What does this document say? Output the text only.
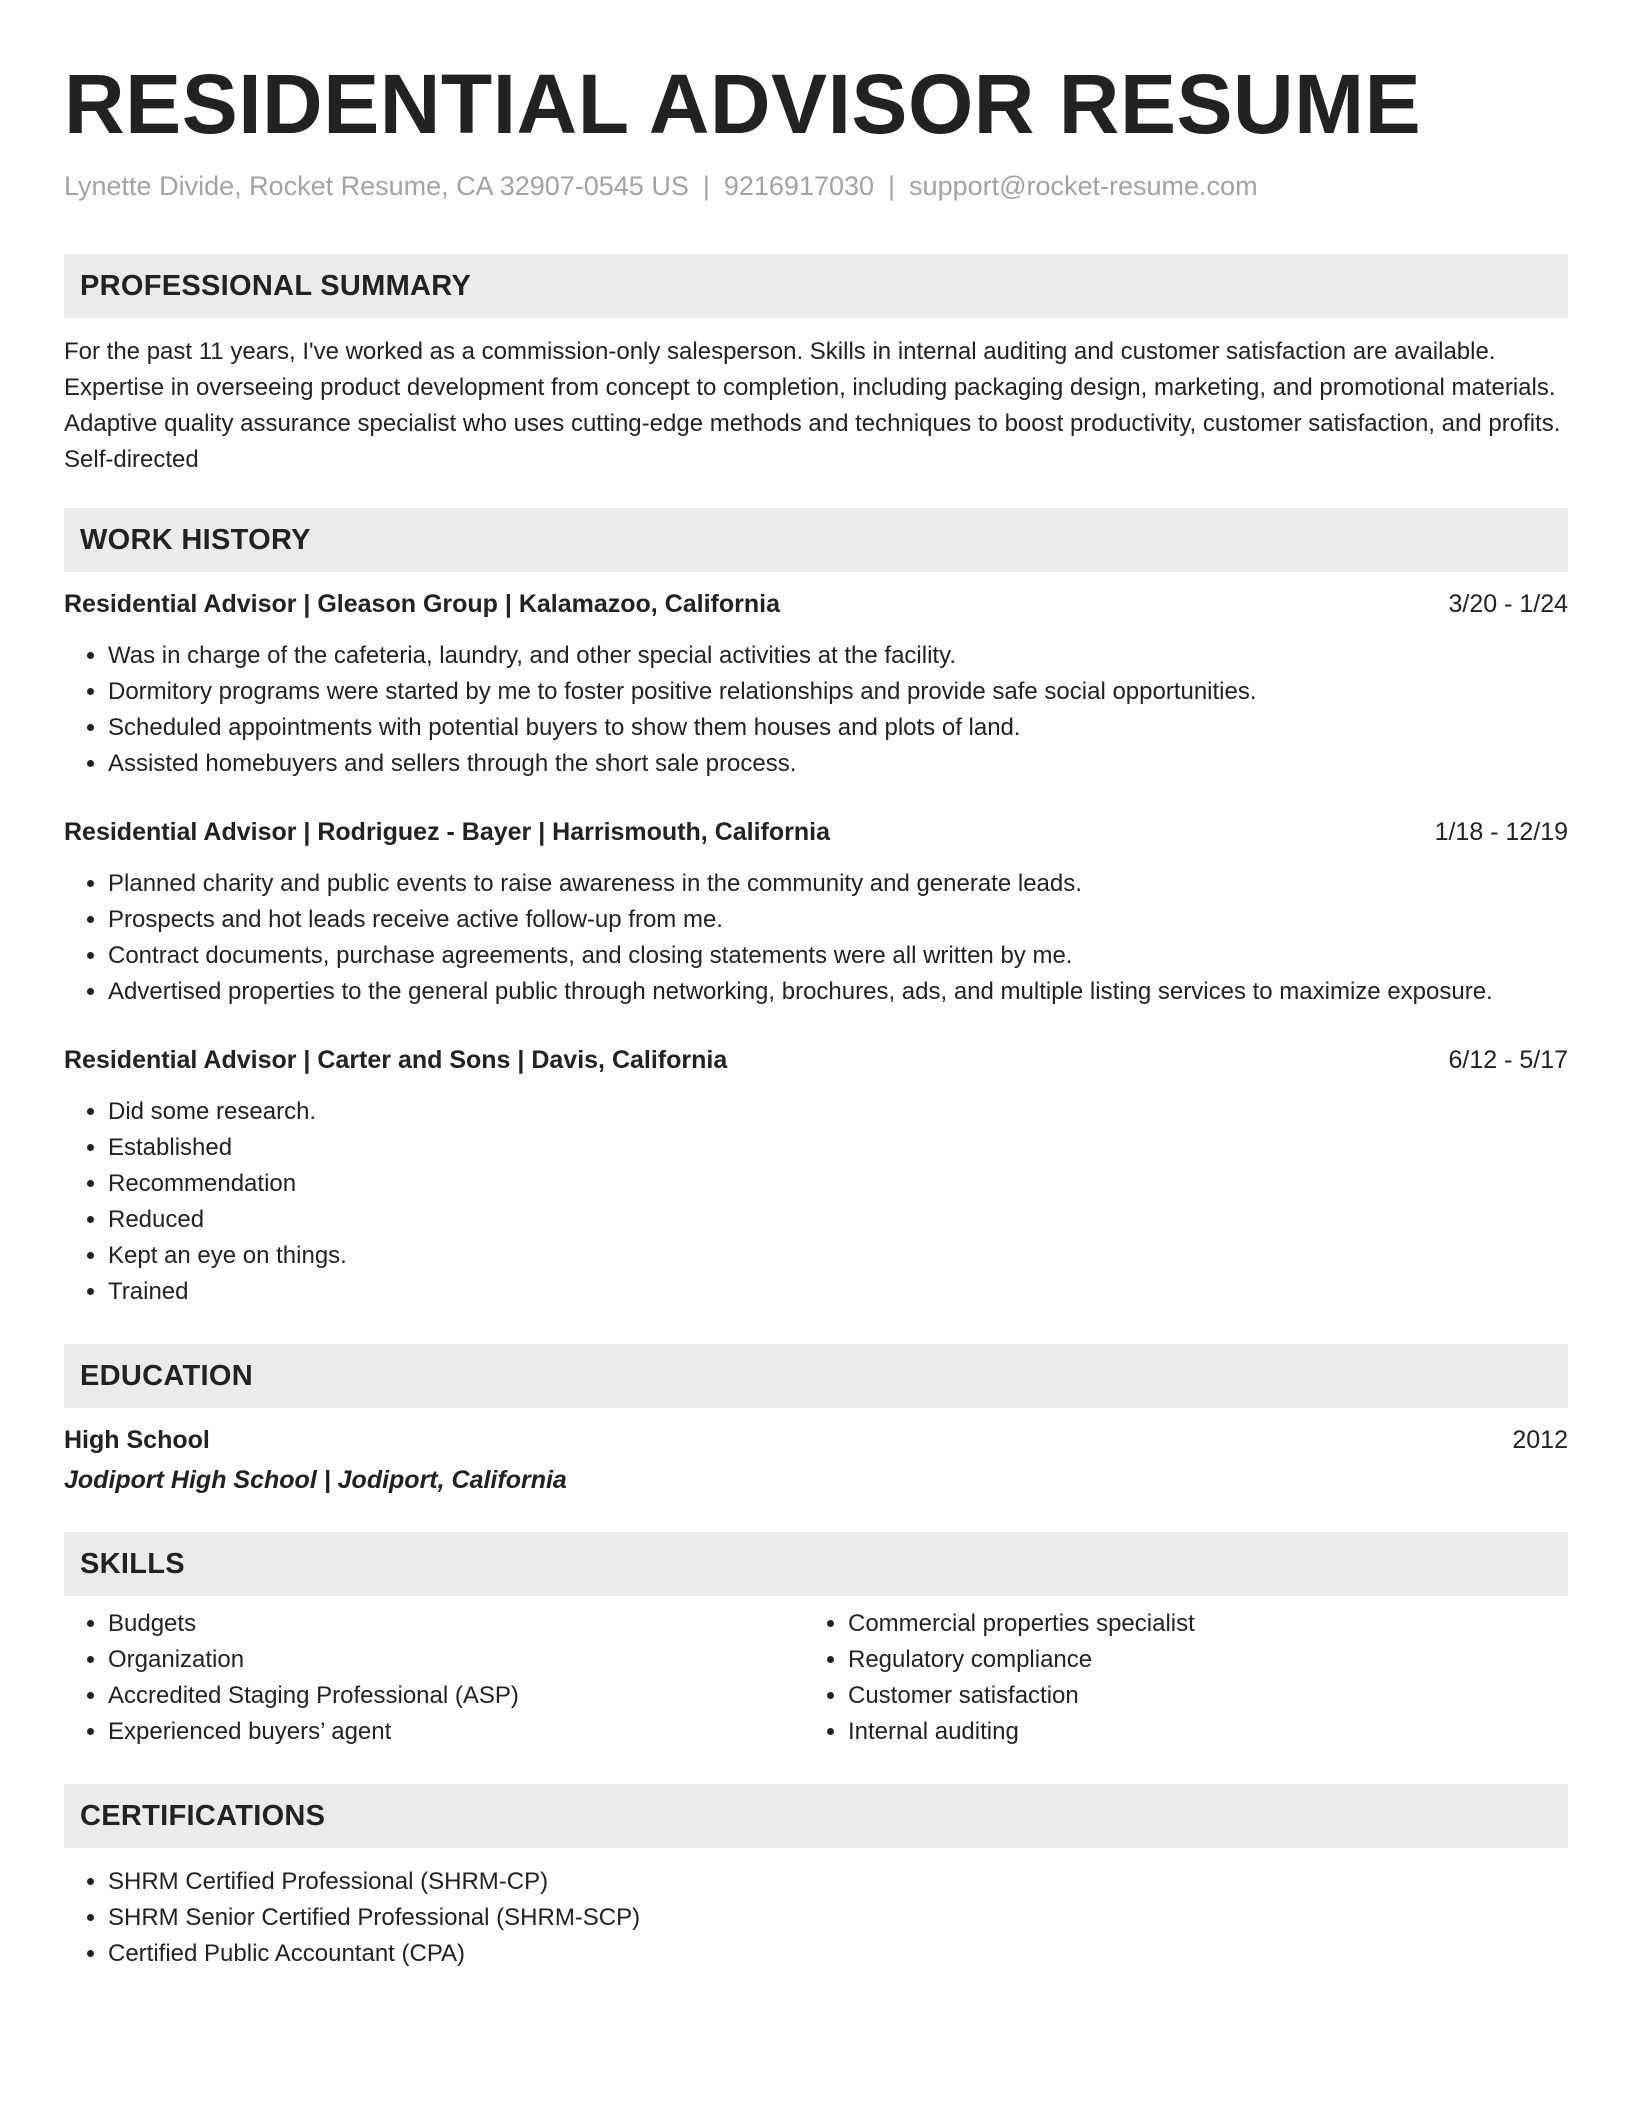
RESIDENTIAL ADVISOR RESUME
Lynette Divide, Rocket Resume, CA 32907-0545 US | 9216917030 | support@rocket-resume.com
PROFESSIONAL SUMMARY
For the past 11 years, I've worked as a commission-only salesperson. Skills in internal auditing and customer satisfaction are available. Expertise in overseeing product development from concept to completion, including packaging design, marketing, and promotional materials. Adaptive quality assurance specialist who uses cutting-edge methods and techniques to boost productivity, customer satisfaction, and profits. Self-directed
WORK HISTORY
Residential Advisor | Gleason Group | Kalamazoo, California	3/20 - 1/24
• Was in charge of the cafeteria, laundry, and other special activities at the facility.
• Dormitory programs were started by me to foster positive relationships and provide safe social opportunities.
• Scheduled appointments with potential buyers to show them houses and plots of land.
• Assisted homebuyers and sellers through the short sale process.
Residential Advisor | Rodriguez - Bayer | Harrismouth, California	1/18 - 12/19
• Planned charity and public events to raise awareness in the community and generate leads.
• Prospects and hot leads receive active follow-up from me.
• Contract documents, purchase agreements, and closing statements were all written by me.
• Advertised properties to the general public through networking, brochures, ads, and multiple listing services to maximize exposure.
Residential Advisor | Carter and Sons | Davis, California	6/12 - 5/17
• Did some research.
• Established
• Recommendation
• Reduced
• Kept an eye on things.
• Trained
EDUCATION
High School	2012
Jodiport High School | Jodiport, California
SKILLS
• Budgets
• Organization
• Accredited Staging Professional (ASP)
• Experienced buyers’ agent
• Commercial properties specialist
• Regulatory compliance
• Customer satisfaction
• Internal auditing
CERTIFICATIONS
• SHRM Certified Professional (SHRM-CP)
• SHRM Senior Certified Professional (SHRM-SCP)
• Certified Public Accountant (CPA)
